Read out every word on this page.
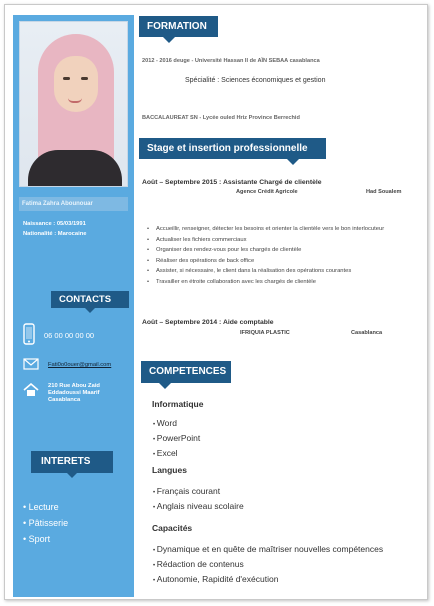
Fatima Zahra Abounouar
Naissance : 05/03/1991
Nationalité : Marocaine
CONTACTS
06 00 00 00 00
Fati0o0ouer@gmail.com
210 Rue Abou Zaid Eddadoussi Maarif Casablanca
INTERETS
• Lecture
• Pâtisserie
• Sport
FORMATION
2012 - 2016 deuge - Université Hassan II de AÏN SEBAA casablanca
Spécialité : Sciences économiques et gestion
BACCALAUREAT SN - Lycée ouled Hriz Province Berrechid
Stage et insertion professionnelle
Août – Septembre 2015 : Assistante Chargé de clientèle
Agence Crédit Agricole	Had Soualem
• Accueillir, renseigner, détecter les besoins et orienter la clientèle vers le bon interlocuteur
• Actualiser les fichiers commerciaux
• Organiser des rendez-vous pour les chargés de clientèle
• Réaliser des opérations de back office
• Assister, si nécessaire, le client dans la réalisation des opérations courantes
• Travailler en étroite collaboration avec les chargés de clientèle
Août – Septembre 2014 : Aide comptable
IFRIQUIA PLASTIC	Casablanca
COMPETENCES
Informatique
• Word
• PowerPoint
• Excel
Langues
• Français courant
• Anglais niveau scolaire
Capacités
• Dynamique et en quête de maîtriser nouvelles compétences
• Rédaction de contenus
• Autonomie, Rapidité d'exécution
